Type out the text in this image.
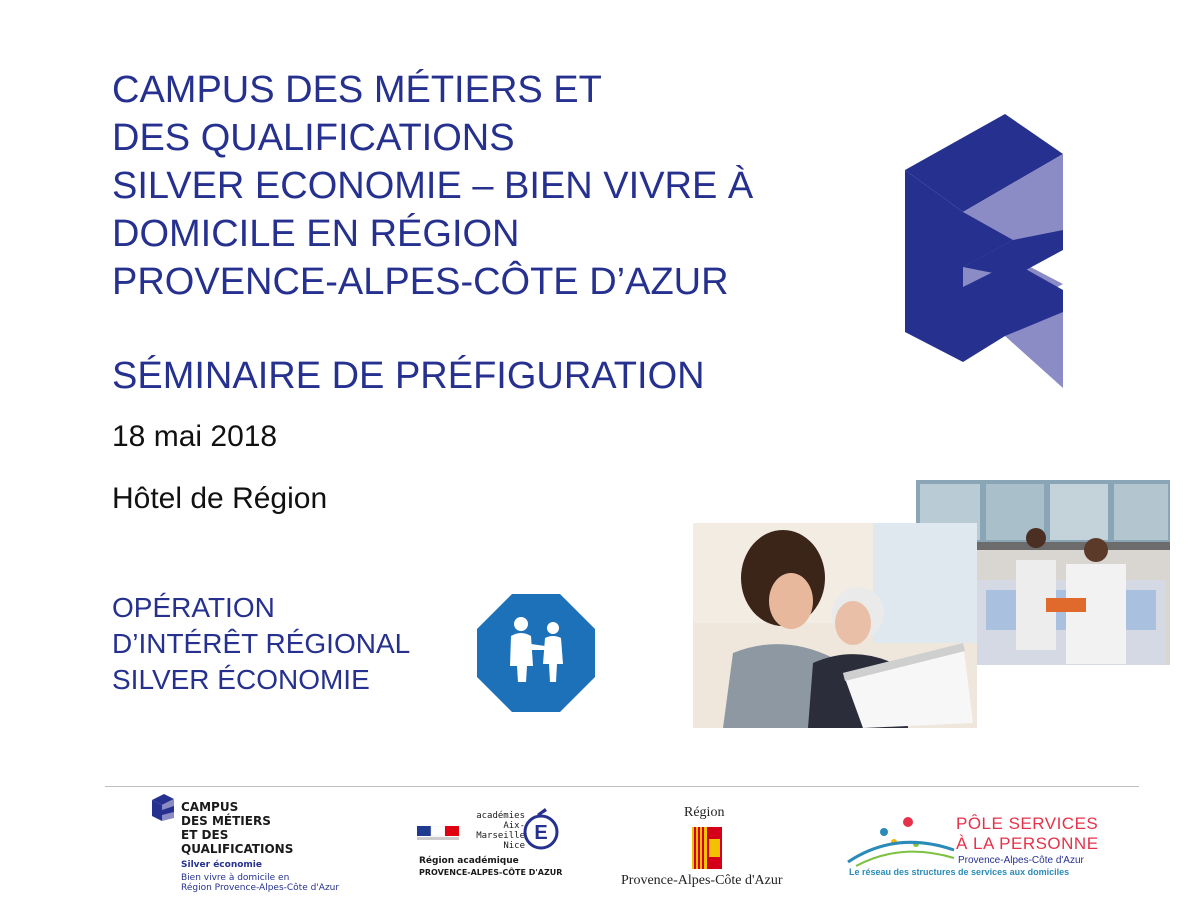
CAMPUS DES MÉTIERS ET
DES QUALIFICATIONS
SILVER ECONOMIE – BIEN VIVRE À
DOMICILE EN RÉGION
PROVENCE-ALPES-CÔTE D’AZUR
SÉMINAIRE DE PRÉFIGURATION
18 mai 2018
Hôtel de Région
OPÉRATION
D’INTÉRÊT RÉGIONAL
SILVER ÉCONOMIE
CAMPUS
DES MÉTIERS
ET DES
QUALIFICATIONS
Silver économie
Bien vivre à domicile en
Région Provence-Alpes-Côte d'Azur
académies
Aix-Marseille
Nice
E
Région académique
PROVENCE-ALPES-CÔTE D'AZUR
Région
Provence-Alpes-Côte d'Azur
PÔLE SERVICES
À LA PERSONNE
Provence-Alpes-Côte d'Azur
Le réseau des structures de services aux domiciles
